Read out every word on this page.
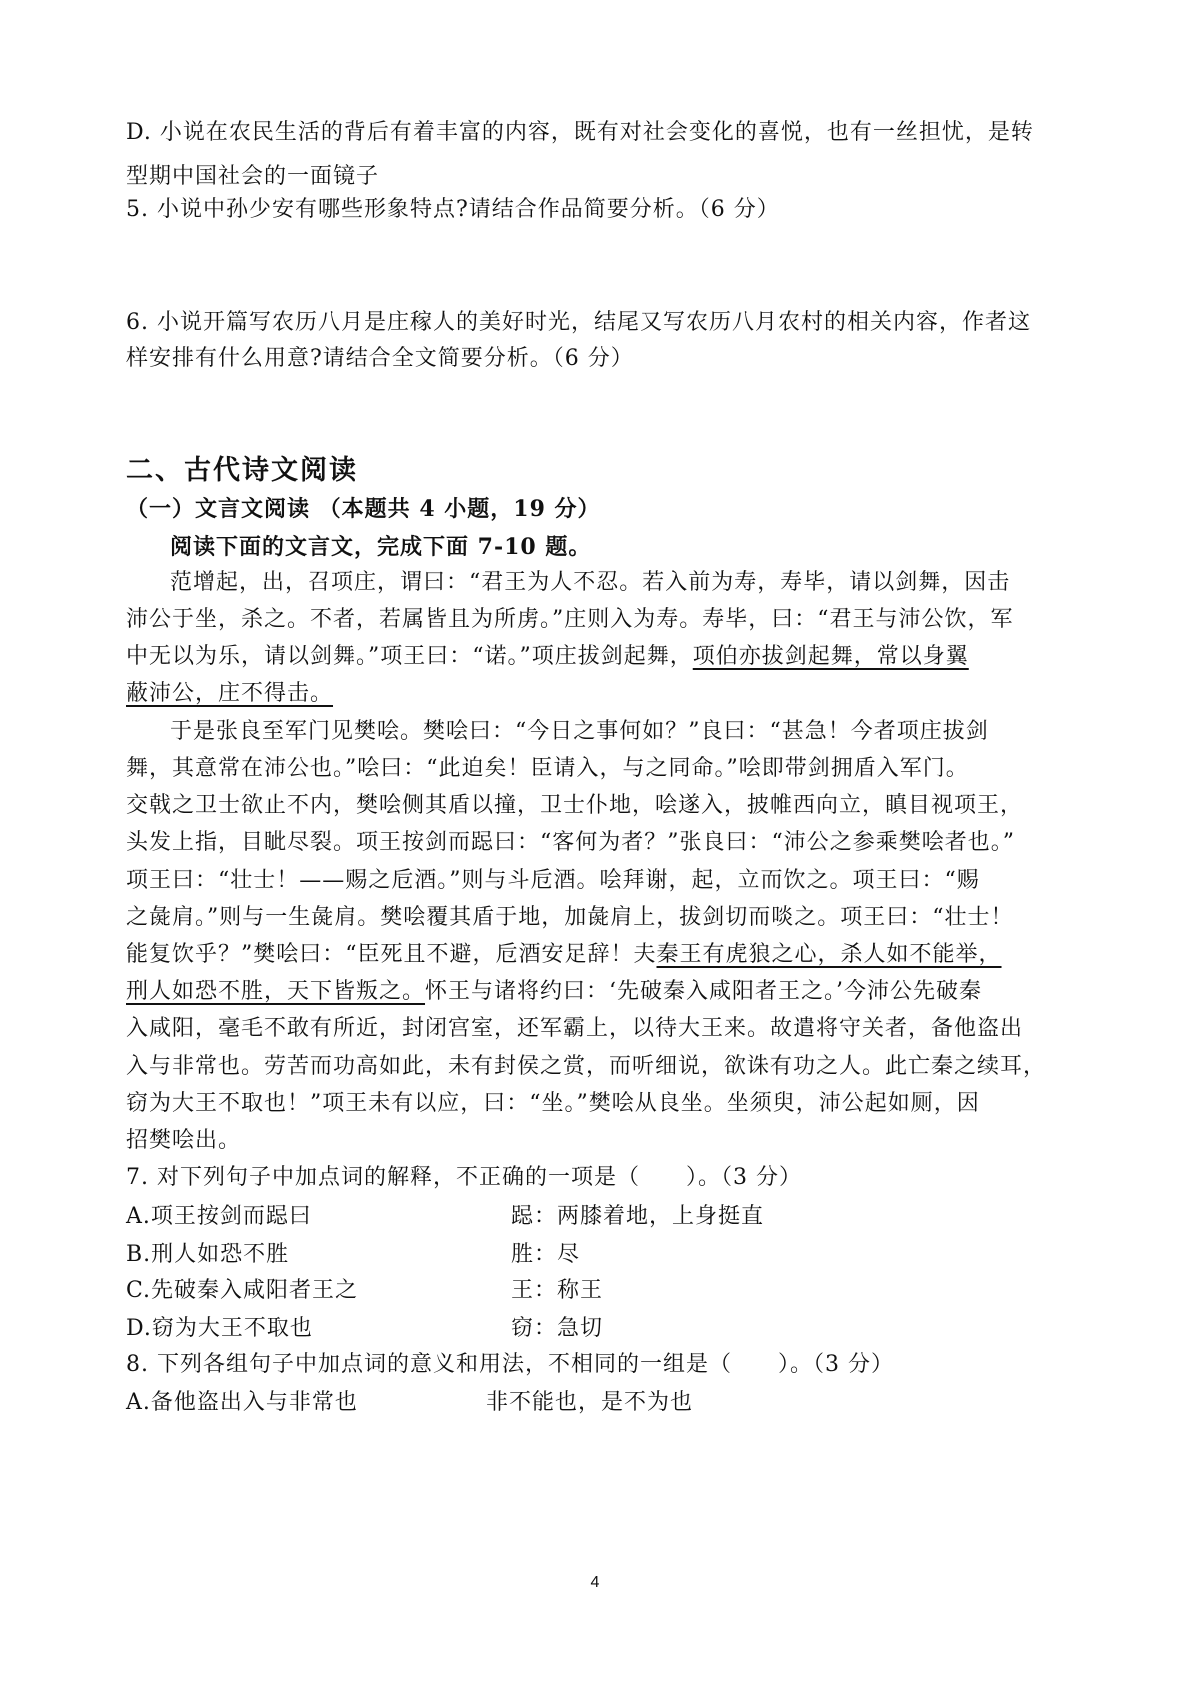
D. 小说在农民生活的背后有着丰富的内容，既有对社会变化的喜悦，也有一丝担忧，是转
型期中国社会的一面镜子
5. 小说中孙少安有哪些形象特点?请结合作品简要分析。（6 分）
6. 小说开篇写农历八月是庄稼人的美好时光，结尾又写农历八月农村的相关内容，作者这
样安排有什么用意?请结合全文简要分析。（6 分）
二、古代诗文阅读
（一）文言文阅读 （本题共 4 小题，19 分）
阅读下面的文言文，完成下面 7-10 题。
范增起，出，召项庄，谓曰：“君王为人不忍。若入前为寿，寿毕，请以剑舞，因击
沛公于坐，杀之。不者，若属皆且为所虏。”庄则入为寿。寿毕，曰：“君王与沛公饮，军
中无以为乐，请以剑舞。”项王曰：“诺。”项庄拔剑起舞，项伯亦拔剑起舞，常以身翼
蔽沛公，庄不得击。
于是张良至军门见樊哙。樊哙曰：“今日之事何如？”良曰：“甚急！今者项庄拔剑
舞，其意常在沛公也。”哙曰：“此迫矣！臣请入，与之同命。”哙即带剑拥盾入军门。
交戟之卫士欲止不内，樊哙侧其盾以撞，卫士仆地，哙遂入，披帷西向立，瞋目视项王，
头发上指，目眦尽裂。项王按剑而跽曰：“客何为者？”张良曰：“沛公之参乘樊哙者也。”
项王曰：“壮士！——赐之卮酒。”则与斗卮酒。哙拜谢，起，立而饮之。项王曰：“赐
之彘肩。”则与一生彘肩。樊哙覆其盾于地，加彘肩上，拔剑切而啖之。项王曰：“壮士！
能复饮乎？”樊哙曰：“臣死且不避，卮酒安足辞！夫秦王有虎狼之心，杀人如不能举，
刑人如恐不胜，天下皆叛之。怀王与诸将约曰：‘先破秦入咸阳者王之。’今沛公先破秦
入咸阳，毫毛不敢有所近，封闭宫室，还军霸上，以待大王来。故遣将守关者，备他盗出
入与非常也。劳苦而功高如此，未有封侯之赏，而听细说，欲诛有功之人。此亡秦之续耳，
窃为大王不取也！”项王未有以应，曰：“坐。”樊哙从良坐。坐须臾，沛公起如厕，因
招樊哙出。
7. 对下列句子中加点词的解释，不正确的一项是（　　）。（3 分）
A.项王按剑而跽曰	跽：两膝着地，上身挺直
B.刑人如恐不胜	胜：尽
C.先破秦入咸阳者王之	王：称王
D.窃为大王不取也	窃：急切
8. 下列各组句子中加点词的意义和用法，不相同的一组是（　　）。（3 分）
A.备他盗出入与非常也	非不能也，是不为也
4
